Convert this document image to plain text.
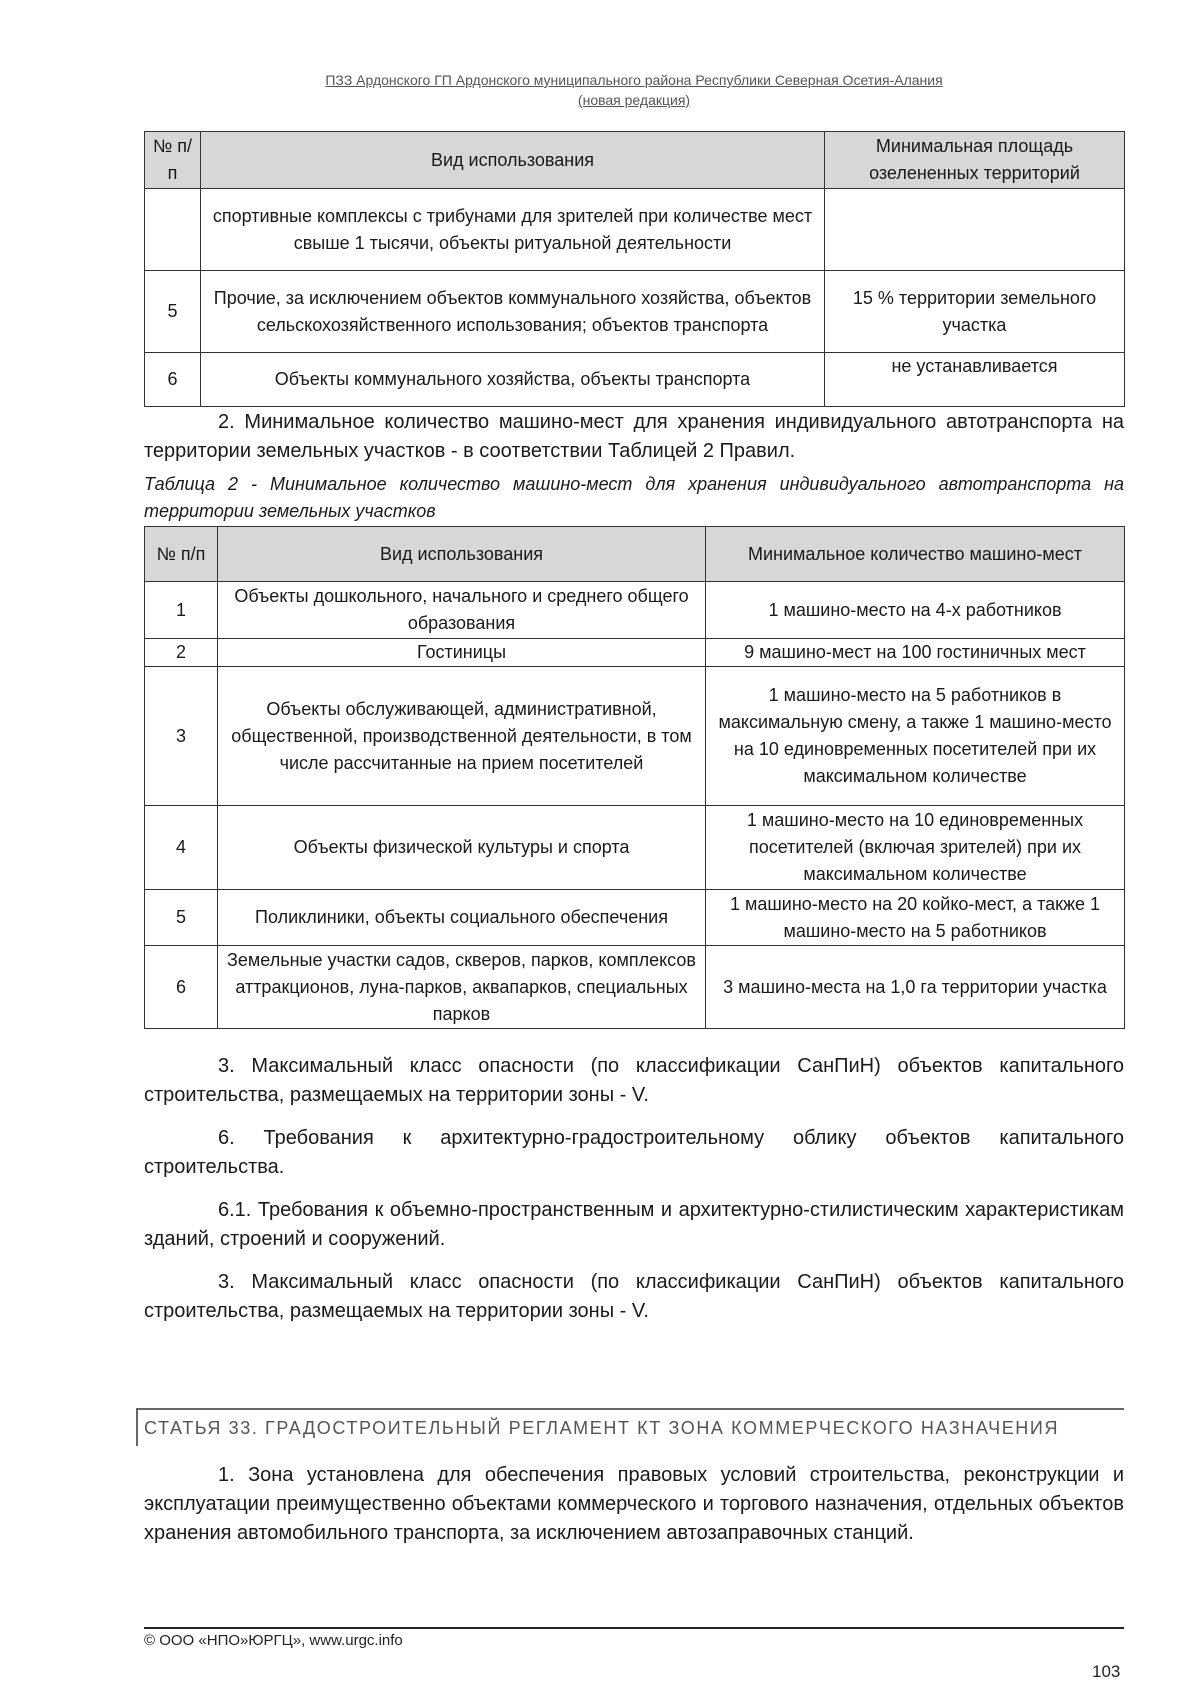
ПЗЗ Ардонского ГП Ардонского муниципального района Республики Северная Осетия-Алания
(новая редакция)
№ п/п	Вид использования	Минимальная площадь озелененных территорий
	спортивные комплексы с трибунами для зрителей при количестве мест свыше 1 тысячи, объекты ритуальной деятельности	
5	Прочие, за исключением объектов коммунального хозяйства, объектов сельскохозяйственного использования; объектов транспорта	15 % территории земельного участка
6	Объекты коммунального хозяйства, объекты транспорта	не устанавливается
2. Минимальное количество машино-мест для хранения индивидуального автотранспорта на территории земельных участков - в соответствии Таблицей 2 Правил.
Таблица 2 - Минимальное количество машино-мест для хранения индивидуального автотранспорта на территории земельных участков
№ п/п	Вид использования	Минимальное количество машино-мест
1	Объекты дошкольного, начального и среднего общего образования	1 машино-место на 4-х работников
2	Гостиницы	9 машино-мест на 100 гостиничных мест
3	Объекты обслуживающей, административной, общественной, производственной деятельности, в том числе рассчитанные на прием посетителей	1 машино-место на 5 работников в максимальную смену, а также 1 машино-место на 10 единовременных посетителей при их максимальном количестве
4	Объекты физической культуры и спорта	1 машино-место на 10 единовременных посетителей (включая зрителей) при их максимальном количестве
5	Поликлиники, объекты социального обеспечения	1 машино-место на 20 койко-мест, а также 1 машино-место на 5 работников
6	Земельные участки садов, скверов, парков, комплексов аттракционов, луна-парков, аквапарков, специальных парков	3 машино-места на 1,0 га территории участка
3. Максимальный класс опасности (по классификации СанПиН) объектов капитального строительства, размещаемых на территории зоны - V.
6. Требования к архитектурно-градостроительному облику объектов капитального строительства.
6.1. Требования к объемно-пространственным и архитектурно-стилистическим характеристикам зданий, строений и сооружений.
3. Максимальный класс опасности (по классификации СанПиН) объектов капитального строительства, размещаемых на территории зоны - V.
СТАТЬЯ 33. ГРАДОСТРОИТЕЛЬНЫЙ РЕГЛАМЕНТ КТ ЗОНА КОММЕРЧЕСКОГО НАЗНАЧЕНИЯ
1. Зона установлена для обеспечения правовых условий строительства, реконструкции и эксплуатации преимущественно объектами коммерческого и торгового назначения, отдельных объектов хранения автомобильного транспорта, за исключением автозаправочных станций.
© ООО «НПО»ЮРГЦ», www.urgc.info
103
